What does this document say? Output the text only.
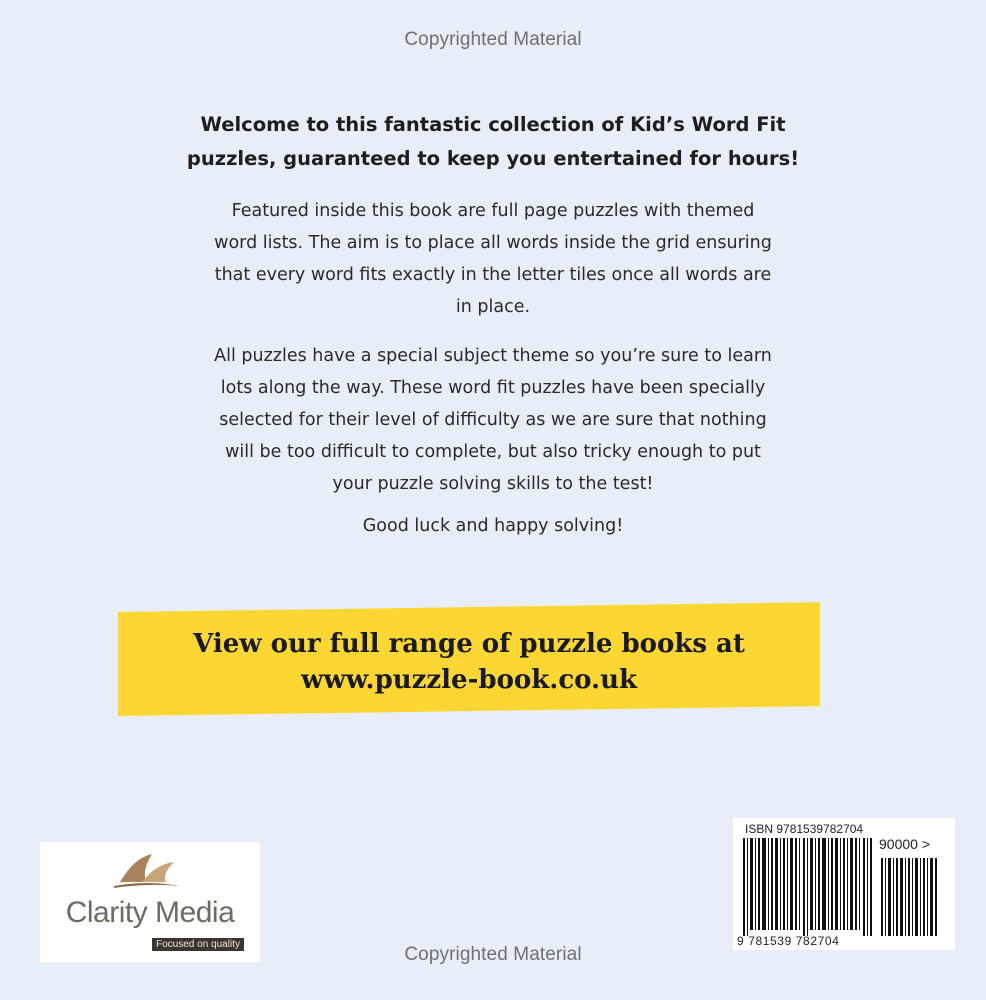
Copyrighted Material
Welcome to this fantastic collection of Kid’s Word Fit
puzzles, guaranteed to keep you entertained for hours!
Featured inside this book are full page puzzles with themed
word lists. The aim is to place all words inside the grid ensuring
that every word fits exactly in the letter tiles once all words are
in place.
All puzzles have a special subject theme so you’re sure to learn
lots along the way. These word fit puzzles have been specially
selected for their level of difficulty as we are sure that nothing
will be too difficult to complete, but also tricky enough to put
your puzzle solving skills to the test!
Good luck and happy solving!
View our full range of puzzle books at
www.puzzle-book.co.uk
Clarity Media
Focused on quality
ISBN 9781539782704
90000 >
9 781539 782704
Copyrighted Material
